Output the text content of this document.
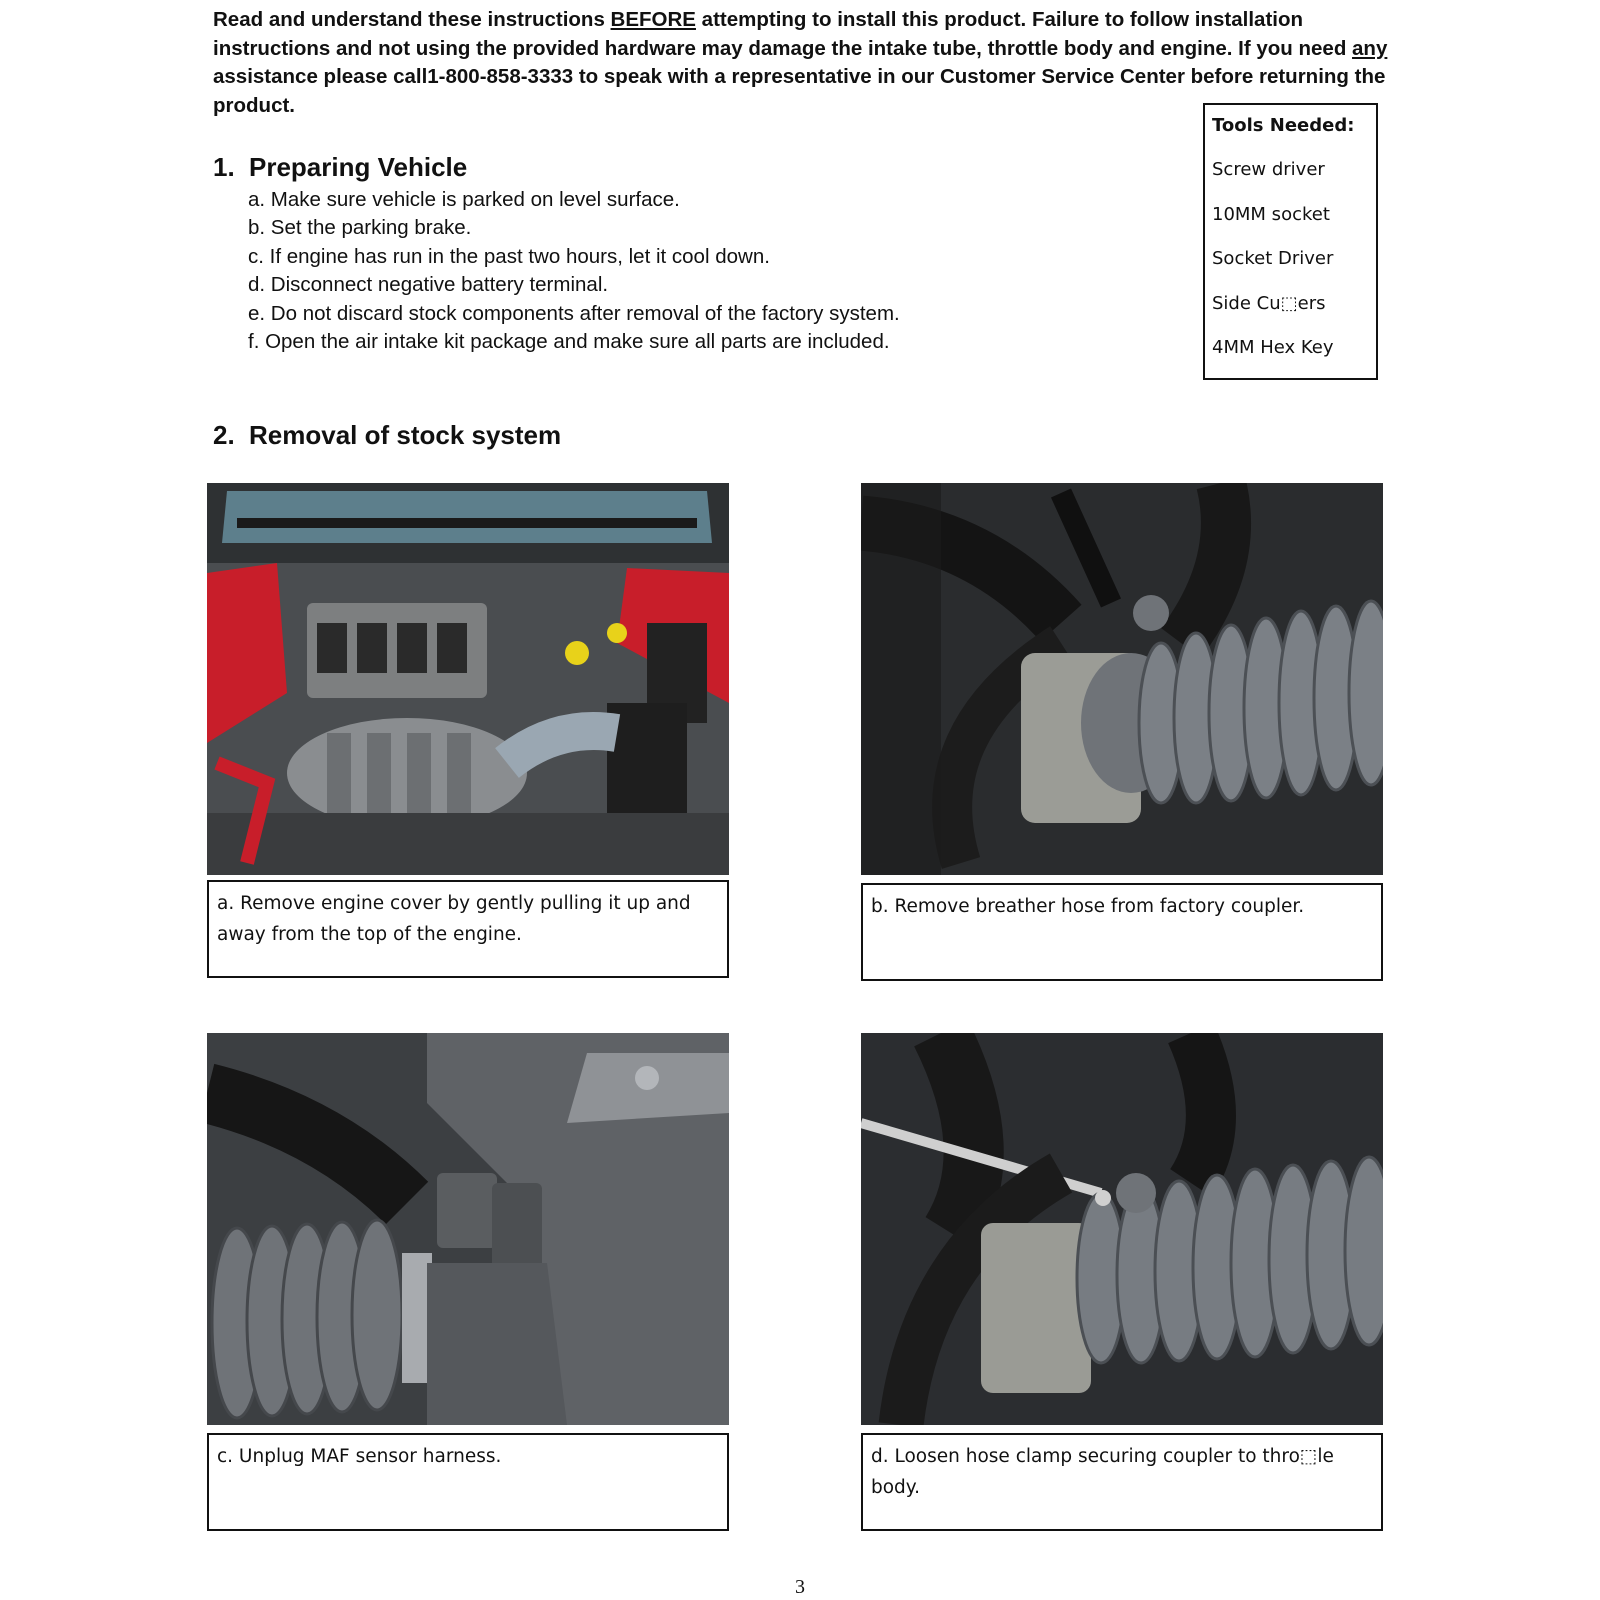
Read and understand these instructions BEFORE attempting to install this product. Failure to follow installation instructions and not using the provided hardware may damage the intake tube, throttle body and engine. If you need any assistance please call1-800-858-3333 to speak with a representative in our Customer Service Center before returning the product.
1. Preparing Vehicle
a. Make sure vehicle is parked on level surface.
b. Set the parking brake.
c. If engine has run in the past two hours, let it cool down.
d. Disconnect negative battery terminal.
e. Do not discard stock components after removal of the factory system.
f. Open the air intake kit package and make sure all parts are included.
Tools Needed:
Screw driver
10MM socket
Socket Driver
Side Cu⬚ers
4MM Hex Key
2. Removal of stock system
a. Remove engine cover by gently pulling it up and away from the top of the engine.
b. Remove breather hose from factory coupler.
c. Unplug MAF sensor harness.	d. Loosen hose clamp securing coupler to thro⬚le body.
3
